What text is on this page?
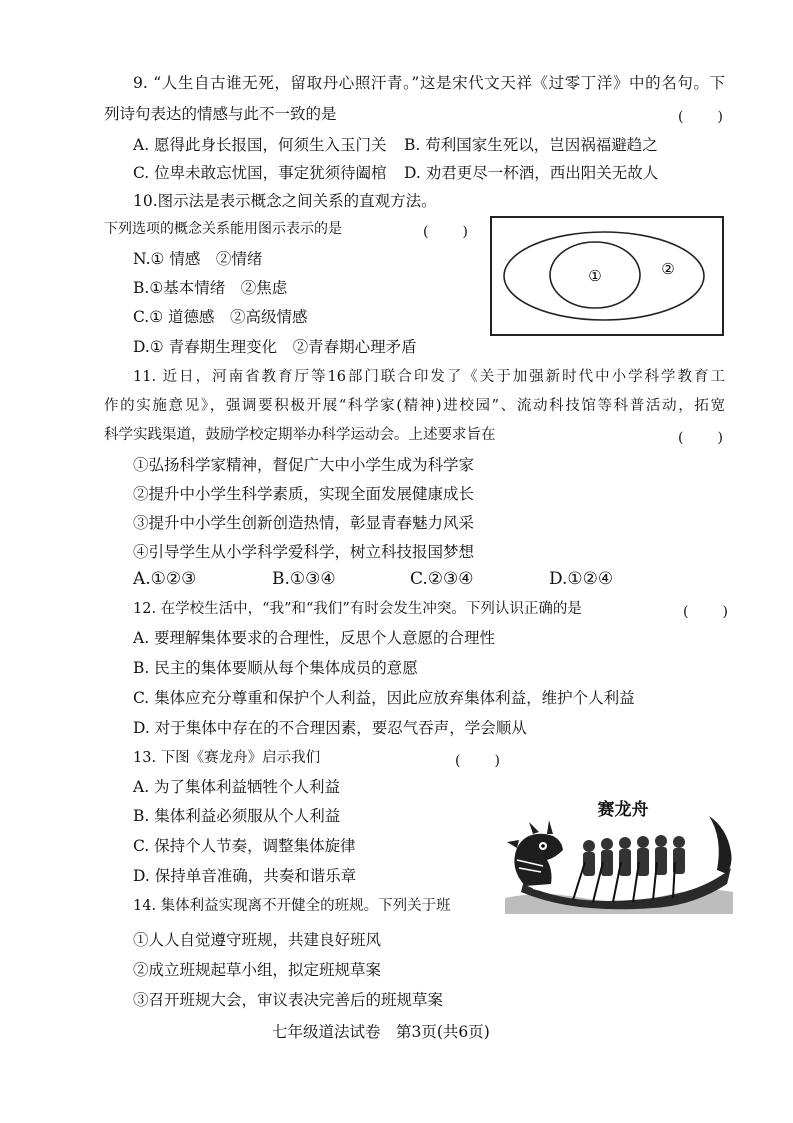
9. “人生自古谁无死，留取丹心照汗青。”这是宋代文天祥《过零丁洋》中的名句。下
列诗句表达的情感与此不一致的是	(　　)
A. 愿得此身长报国，何须生入玉门关 B. 苟利国家生死以，岂因祸福避趋之
C. 位卑未敢忘忧国，事定犹须待阖棺 D. 劝君更尽一杯酒，西出阳关无故人
10.图示法是表示概念之间关系的直观方法。
下列选项的概念关系能用图示表示的是	(　　)
N.① 情感　②情绪
B.①基本情绪　②焦虑
C.① 道德感　②高级情感
D.① 青春期生理变化　②青春期心理矛盾
①	②
11. 近日，河南省教育厅等16部门联合印发了《关于加强新时代中小学科学教育工
作的实施意见》，强调要积极开展“科学家(精神)进校园”、流动科技馆等科普活动，拓宽
科学实践渠道，鼓励学校定期举办科学运动会。上述要求旨在	(　　)
①弘扬科学家精神，督促广大中小学生成为科学家
②提升中小学生科学素质，实现全面发展健康成长
③提升中小学生创新创造热情，彰显青春魅力风采
④引导学生从小学科学爱科学，树立科技报国梦想
A.①②③	B.①③④	C.②③④	D.①②④
12. 在学校生活中，“我”和“我们”有时会发生冲突。下列认识正确的是	(　　)
A. 要理解集体要求的合理性，反思个人意愿的合理性
B. 民主的集体要顺从每个集体成员的意愿
C. 集体应充分尊重和保护个人利益，因此应放弃集体利益，维护个人利益
D. 对于集体中存在的不合理因素，要忍气吞声，学会顺从
13. 下图《赛龙舟》启示我们	(　　)
A. 为了集体利益牺牲个人利益
B. 集体利益必须服从个人利益
C. 保持个人节奏，调整集体旋律
D. 保持单音准确，共奏和谐乐章
赛龙舟
14. 集体利益实现离不开健全的班规。下列关于班
①人人自觉遵守班规，共建良好班风
②成立班规起草小组，拟定班规草案
③召开班规大会，审议表决完善后的班规草案
七年级道法试卷　第3页(共6页)
